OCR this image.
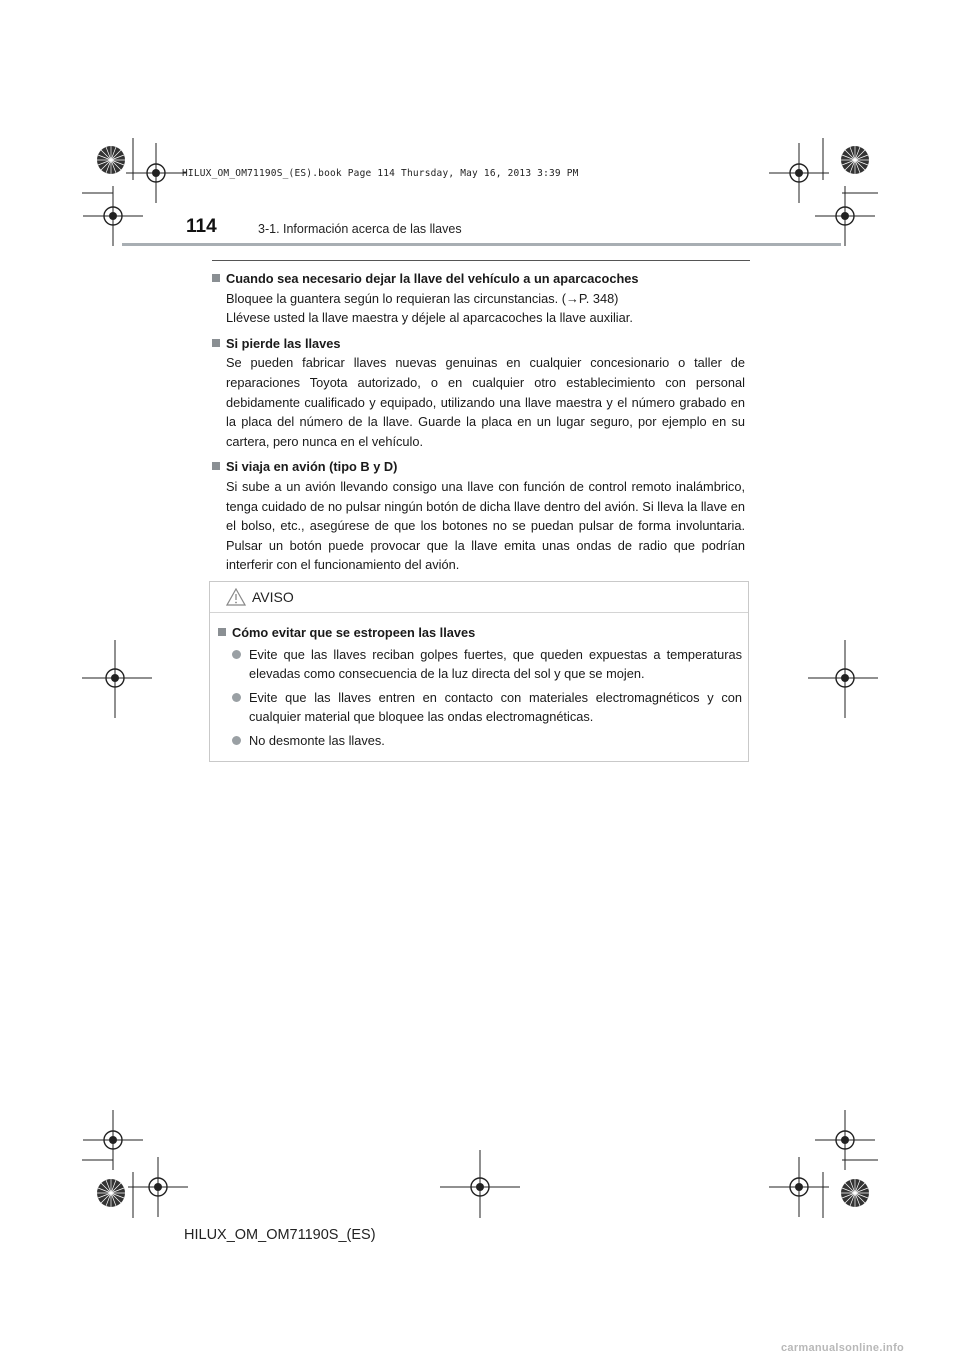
HILUX_OM_OM71190S_(ES).book Page 114 Thursday, May 16, 2013 3:39 PM
114	3-1. Información acerca de las llaves
Cuando sea necesario dejar la llave del vehículo a un aparcacoches

Bloquee la guantera según lo requieran las circunstancias. (→P. 348)

Llévese usted la llave maestra y déjele al aparcacoches la llave auxiliar.

Si pierde las llaves

Se pueden fabricar llaves nuevas genuinas en cualquier concesionario o taller de reparaciones Toyota autorizado, o en cualquier otro establecimiento con personal debidamente cualificado y equipado, utilizando una llave maestra y el número grabado en la placa del número de la llave. Guarde la placa en un lugar seguro, por ejemplo en su cartera, pero nunca en el vehículo.

Si viaja en avión (tipo B y D)

Si sube a un avión llevando consigo una llave con función de control remoto inalámbrico, tenga cuidado de no pulsar ningún botón de dicha llave dentro del avión. Si lleva la llave en el bolso, etc., asegúrese de que los botones no se puedan pulsar de forma involuntaria. Pulsar un botón puede provocar que la llave emita unas ondas de radio que podrían interferir con el funcionamiento del avión.

AVISO
Cómo evitar que se estropeen las llaves
Evite que las llaves reciban golpes fuertes, que queden expuestas a temperaturas elevadas como consecuencia de la luz directa del sol y que se mojen.
Evite que las llaves entren en contacto con materiales electromagnéticos y con cualquier material que bloquee las ondas electromagnéticas.
No desmonte las llaves.
HILUX_OM_OM71190S_(ES)
carmanualsonline.info
